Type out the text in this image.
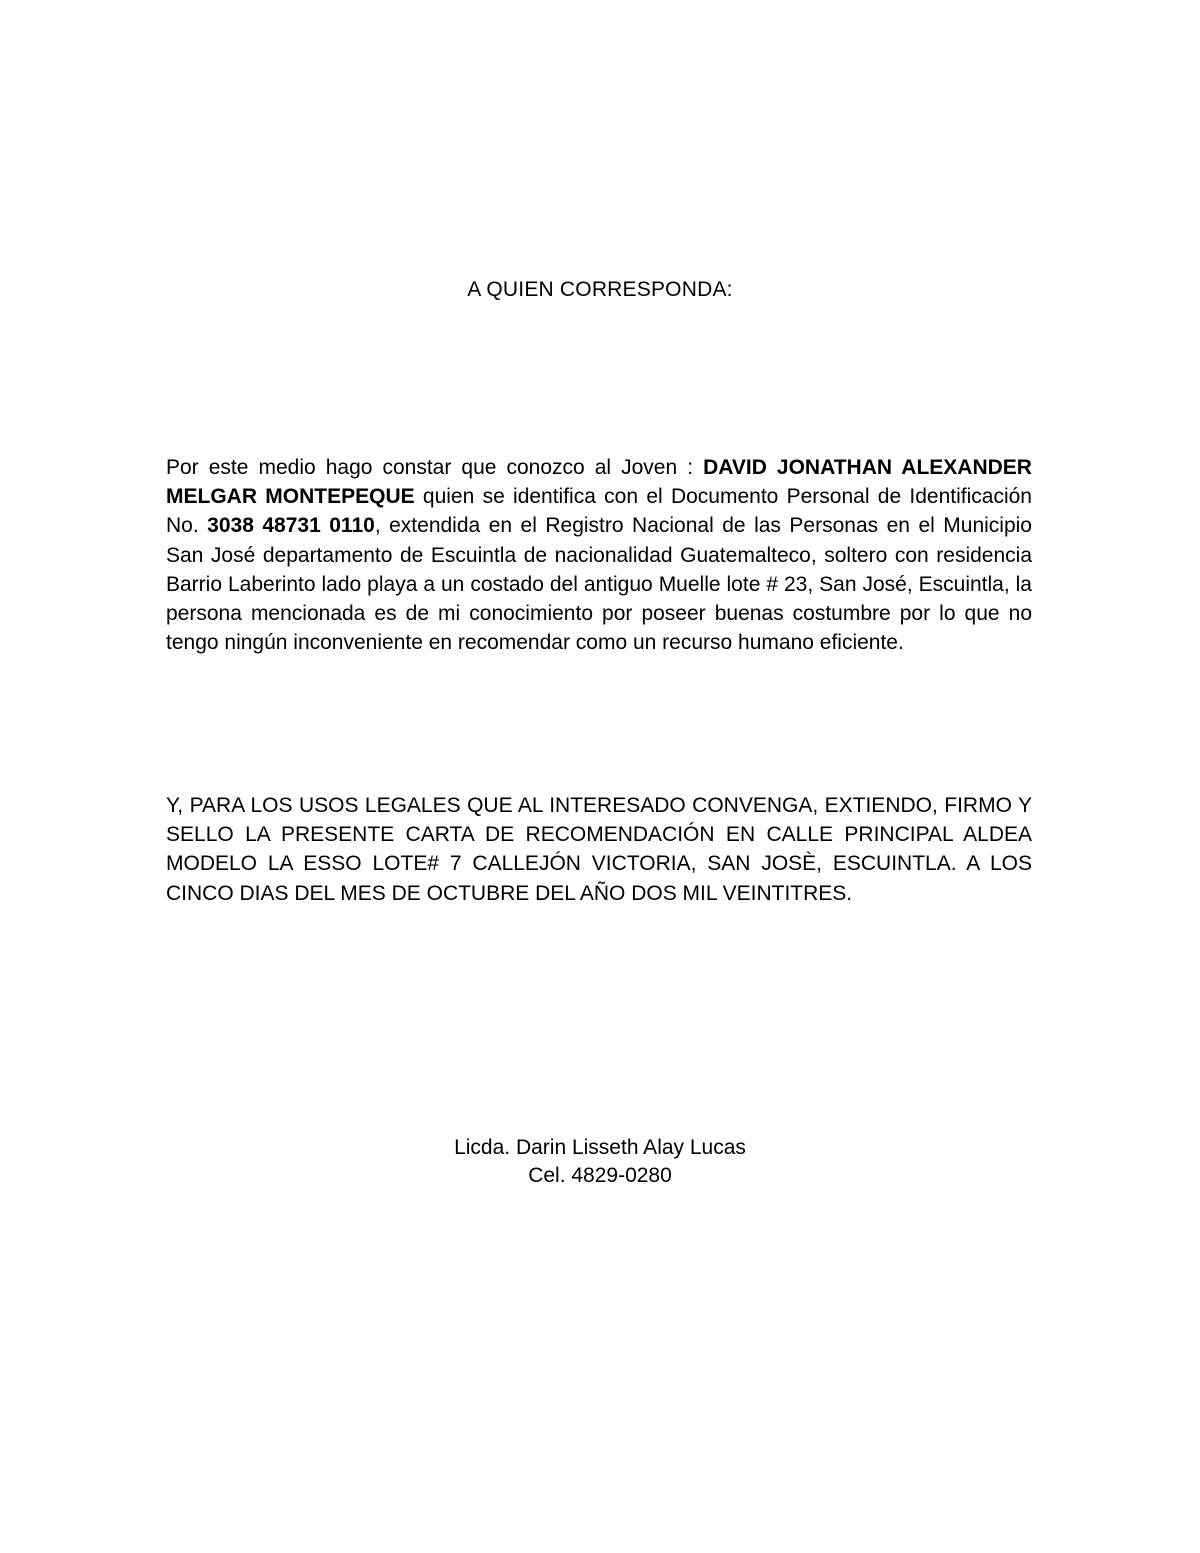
A QUIEN CORRESPONDA:

Por este medio hago constar que conozco al Joven : DAVID JONATHAN ALEXANDER MELGAR MONTEPEQUE quien se identifica con el Documento Personal de Identificación No. 3038 48731 0110, extendida en el Registro Nacional de las Personas en el Municipio San José departamento de Escuintla de nacionalidad Guatemalteco, soltero con residencia Barrio Laberinto lado playa a un costado del antiguo Muelle lote # 23, San José, Escuintla, la persona mencionada es de mi conocimiento por poseer buenas costumbre por lo que no tengo ningún inconveniente en recomendar como un recurso humano eficiente.

Y, PARA LOS USOS LEGALES QUE AL INTERESADO CONVENGA, EXTIENDO, FIRMO Y SELLO LA PRESENTE CARTA DE RECOMENDACIÓN EN CALLE PRINCIPAL ALDEA MODELO LA ESSO LOTE# 7 CALLEJÓN VICTORIA, SAN JOSÈ, ESCUINTLA. A LOS CINCO DIAS DEL MES DE OCTUBRE DEL AÑO DOS MIL VEINTITRES.

Licda. Darin Lisseth Alay Lucas
Cel. 4829-0280
